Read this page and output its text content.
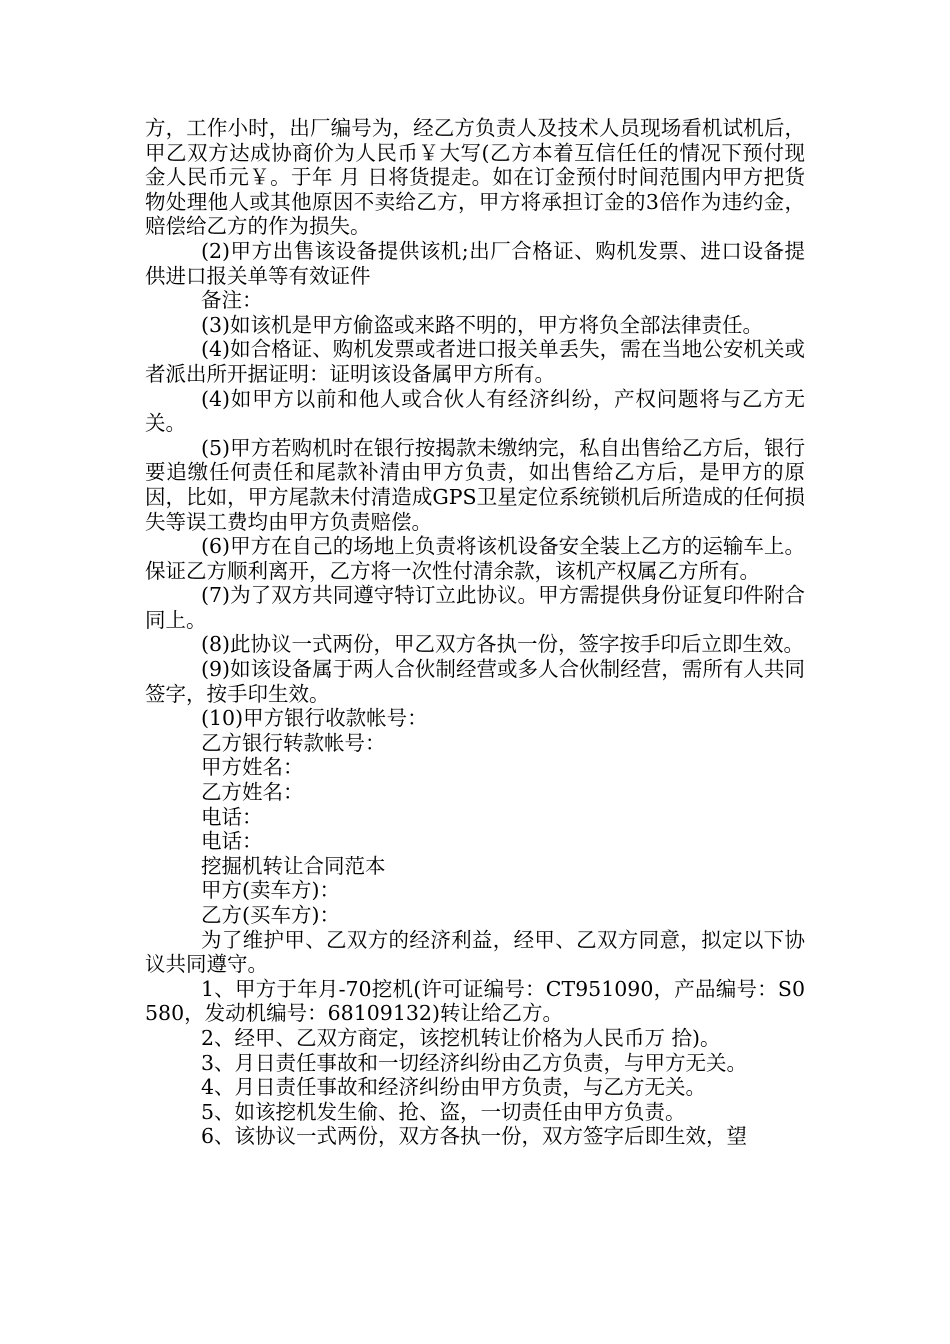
方，工作小时，出厂编号为，经乙方负责人及技术人员现场看机试机后，甲乙双方达成协商价为人民币￥大写(乙方本着互信任任的情况下预付现金人民币元￥。于年 月 日将货提走。如在订金预付时间范围内甲方把货物处理他人或其他原因不卖给乙方，甲方将承担订金的3倍作为违约金，赔偿给乙方的作为损失。

(2)甲方出售该设备提供该机;出厂合格证、购机发票、进口设备提供进口报关单等有效证件

备注：

(3)如该机是甲方偷盗或来路不明的，甲方将负全部法律责任。

(4)如合格证、购机发票或者进口报关单丢失，需在当地公安机关或者派出所开据证明：证明该设备属甲方所有。

(4)如甲方以前和他人或合伙人有经济纠纷，产权问题将与乙方无关。

(5)甲方若购机时在银行按揭款未缴纳完，私自出售给乙方后，银行要追缴任何责任和尾款补清由甲方负责，如出售给乙方后，是甲方的原因，比如，甲方尾款未付清造成GPS卫星定位系统锁机后所造成的任何损失等误工费均由甲方负责赔偿。

(6)甲方在自己的场地上负责将该机设备安全装上乙方的运输车上。保证乙方顺利离开，乙方将一次性付清余款，该机产权属乙方所有。

(7)为了双方共同遵守特订立此协议。甲方需提供身份证复印件附合同上。

(8)此协议一式两份，甲乙双方各执一份，签字按手印后立即生效。

(9)如该设备属于两人合伙制经营或多人合伙制经营，需所有人共同签字，按手印生效。

(10)甲方银行收款帐号：

乙方银行转款帐号：

甲方姓名：

乙方姓名：

电话：

电话：

挖掘机转让合同范本

甲方(卖车方)：

乙方(买车方)：

为了维护甲、乙双方的经济利益，经甲、乙双方同意，拟定以下协议共同遵守。

1、甲方于年月-70挖机(许可证编号：CT951090，产品编号：S0580，发动机编号：68109132)转让给乙方。

2、经甲、乙双方商定，该挖机转让价格为人民币万 拾)。

3、月日责任事故和一切经济纠纷由乙方负责，与甲方无关。

4、月日责任事故和经济纠纷由甲方负责，与乙方无关。

5、如该挖机发生偷、抢、盗，一切责任由甲方负责。

6、该协议一式两份，双方各执一份，双方签字后即生效，望
